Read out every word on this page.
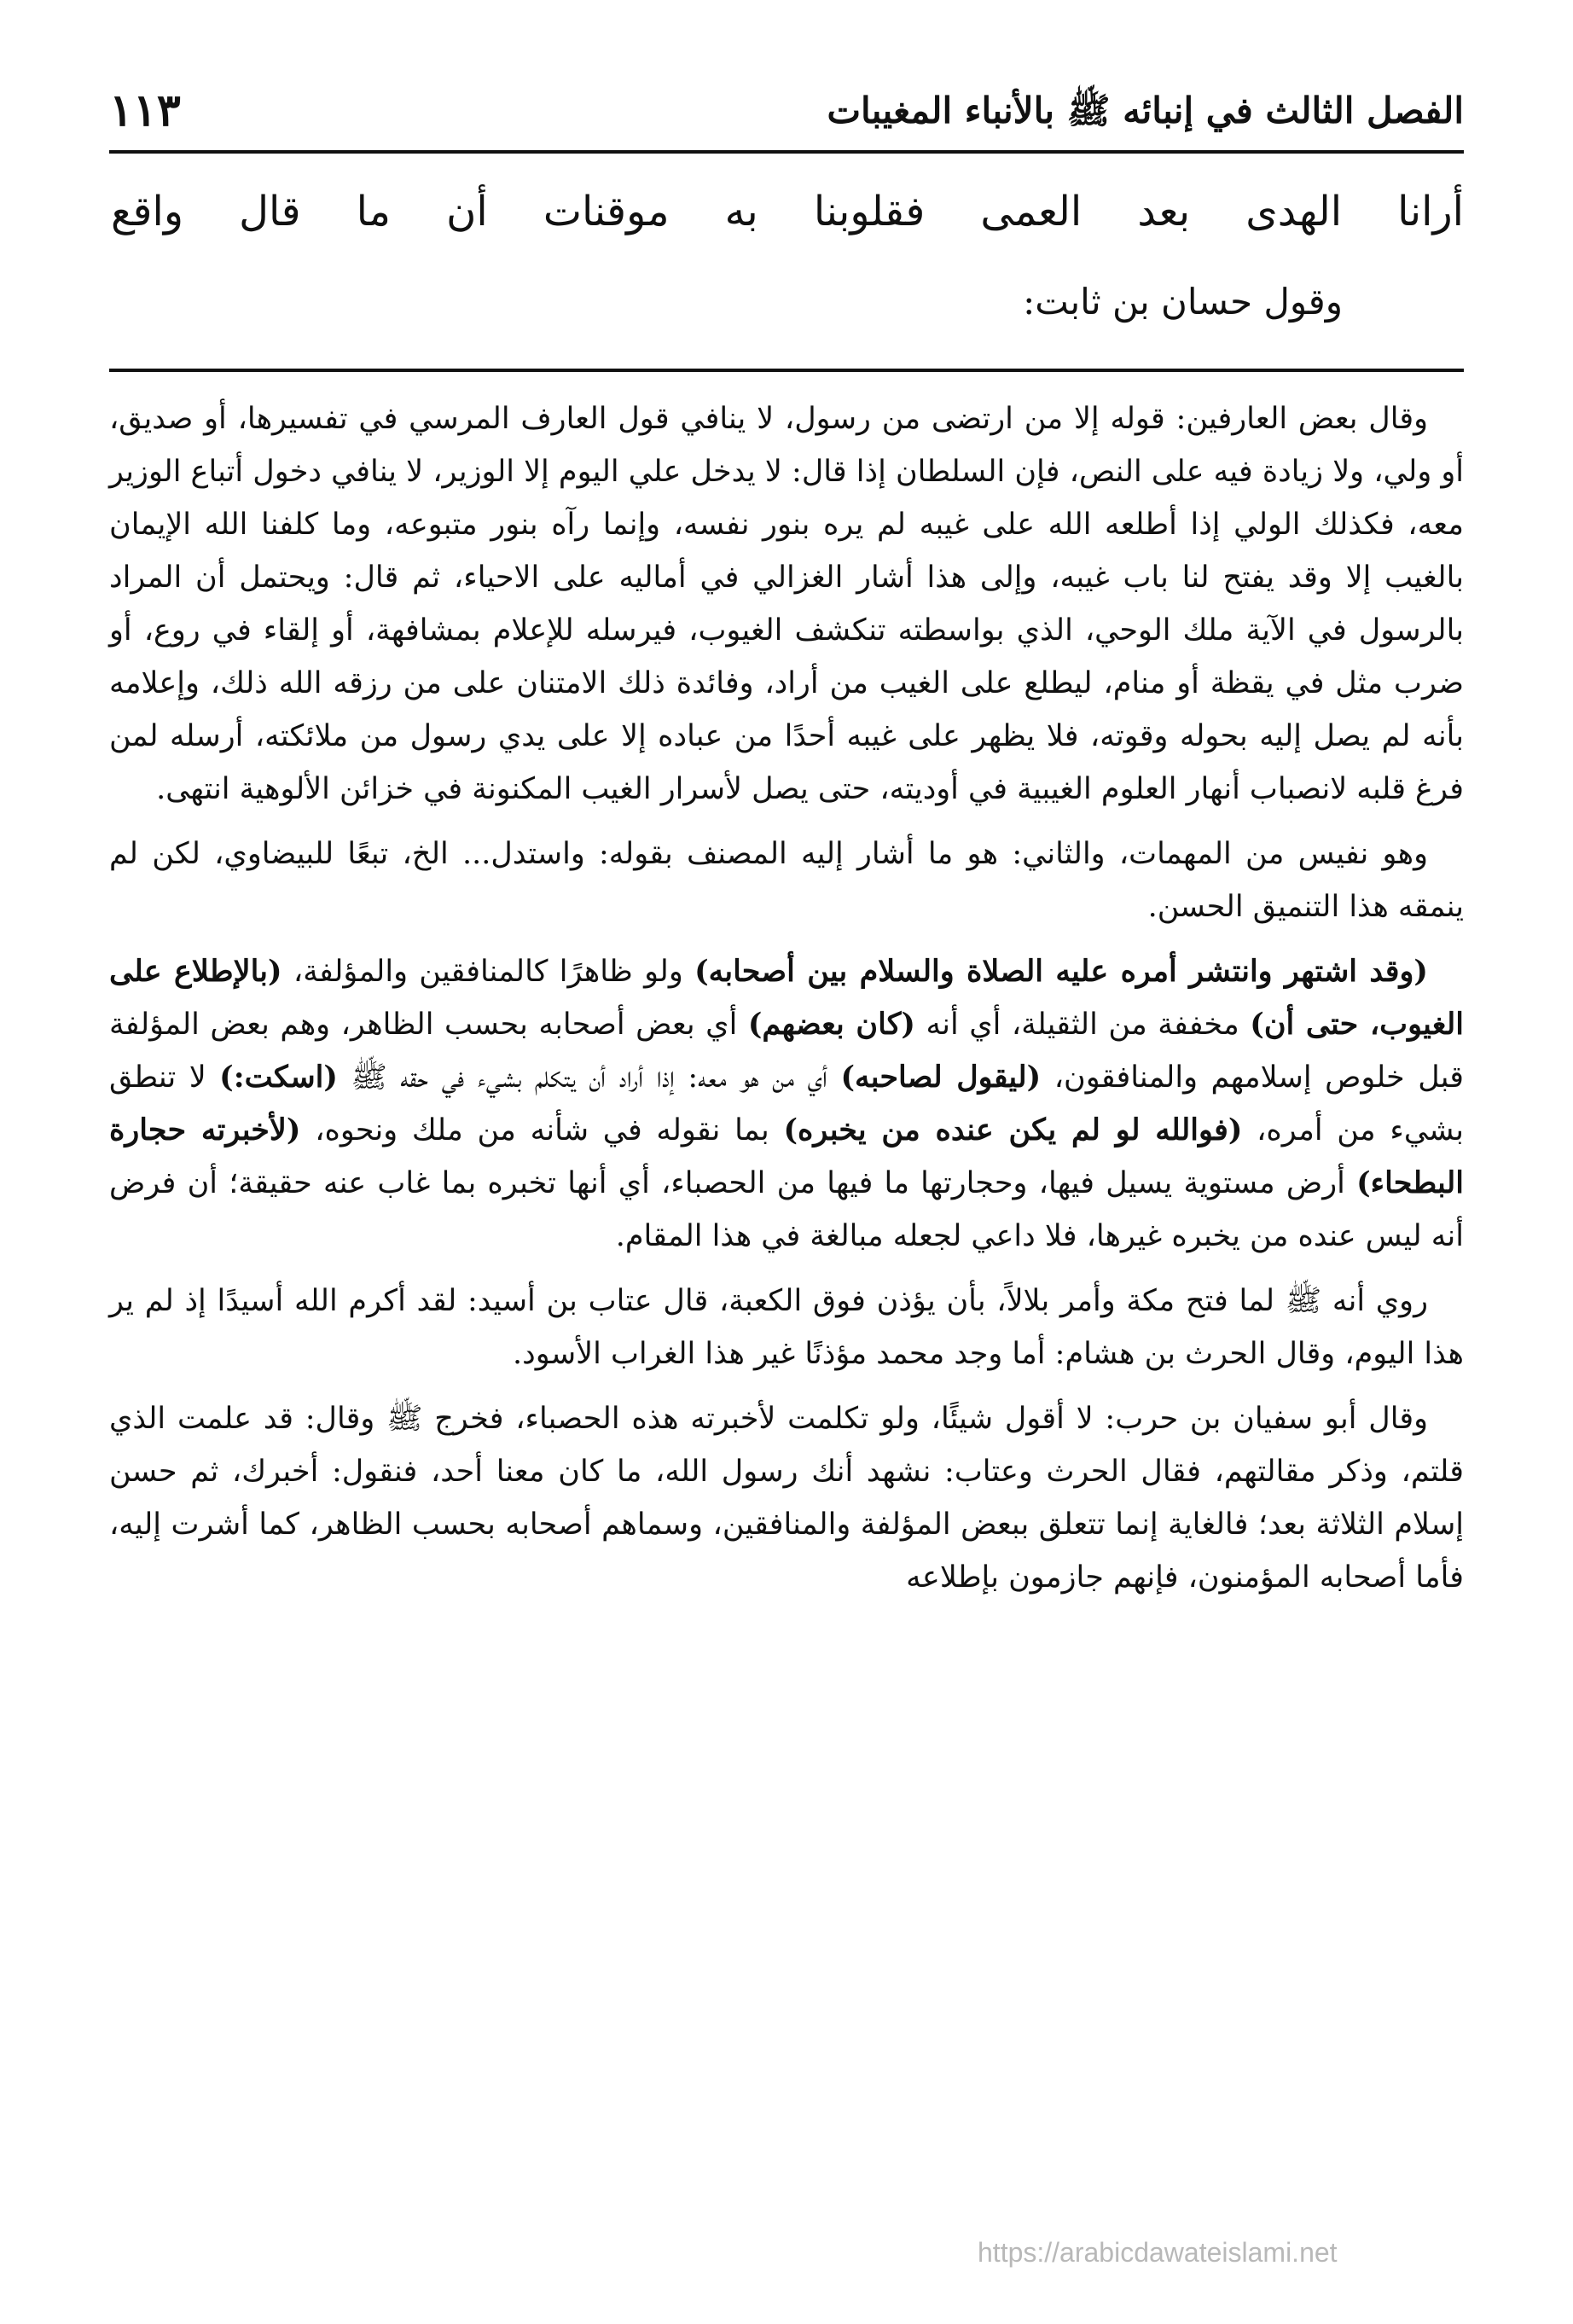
الفصل الثالث في إنبائه ﷺ بالأنباء المغيبات
١١٣
أرانا الهدى بعد العمى فقلوبنا به موقنات أن ما قال واقع
وقول حسان بن ثابت:

وقال بعض العارفين: قوله إلا من ارتضى من رسول، لا ينافي قول العارف المرسي في تفسيرها، أو صديق، أو ولي، ولا زيادة فيه على النص، فإن السلطان إذا قال: لا يدخل علي اليوم إلا الوزير، لا ينافي دخول أتباع الوزير معه، فكذلك الولي إذا أطلعه الله على غيبه لم يره بنور نفسه، وإنما رآه بنور متبوعه، وما كلفنا الله الإيمان بالغيب إلا وقد يفتح لنا باب غيبه، وإلى هذا أشار الغزالي في أماليه على الاحياء، ثم قال: ويحتمل أن المراد بالرسول في الآية ملك الوحي، الذي بواسطته تنكشف الغيوب، فيرسله للإعلام بمشافهة، أو إلقاء في روع، أو ضرب مثل في يقظة أو منام، ليطلع على الغيب من أراد، وفائدة ذلك الامتنان على من رزقه الله ذلك، وإعلامه بأنه لم يصل إليه بحوله وقوته، فلا يظهر على غيبه أحدًا من عباده إلا على يدي رسول من ملائكته، أرسله لمن فرغ قلبه لانصباب أنهار العلوم الغيبية في أوديته، حتى يصل لأسرار الغيب المكنونة في خزائن الألوهية انتهى.

وهو نفيس من المهمات، والثاني: هو ما أشار إليه المصنف بقوله: واستدل... الخ، تبعًا للبيضاوي، لكن لم ينمقه هذا التنميق الحسن.

(وقد اشتهر وانتشر أمره عليه الصلاة والسلام بين أصحابه) ولو ظاهرًا كالمنافقين والمؤلفة، (بالإطلاع على الغيوب، حتى أن) مخففة من الثقيلة، أي أنه (كان بعضهم) أي بعض أصحابه بحسب الظاهر، وهم بعض المؤلفة قبل خلوص إسلامهم والمنافقون، (ليقول لصاحبه) أي من هو معه: إذا أراد أن يتكلم بشيء في حقه ﷺ (اسكت:) لا تنطق بشيء من أمره، (فوالله لو لم يكن عنده من يخبره) بما نقوله في شأنه من ملك ونحوه، (لأخبرته حجارة البطحاء) أرض مستوية يسيل فيها، وحجارتها ما فيها من الحصباء، أي أنها تخبره بما غاب عنه حقيقة؛ أن فرض أنه ليس عنده من يخبره غيرها، فلا داعي لجعله مبالغة في هذا المقام.

روي أنه ﷺ لما فتح مكة وأمر بلالاً، بأن يؤذن فوق الكعبة، قال عتاب بن أسيد: لقد أكرم الله أسيدًا إذ لم ير هذا اليوم، وقال الحرث بن هشام: أما وجد محمد مؤذنًا غير هذا الغراب الأسود.

وقال أبو سفيان بن حرب: لا أقول شيئًا، ولو تكلمت لأخبرته هذه الحصباء، فخرج ﷺ وقال: قد علمت الذي قلتم، وذكر مقالتهم، فقال الحرث وعتاب: نشهد أنك رسول الله، ما كان معنا أحد، فنقول: أخبرك، ثم حسن إسلام الثلاثة بعد؛ فالغاية إنما تتعلق ببعض المؤلفة والمنافقين، وسماهم أصحابه بحسب الظاهر، كما أشرت إليه، فأما أصحابه المؤمنون، فإنهم جازمون بإطلاعه

https://arabicdawateislami.net
